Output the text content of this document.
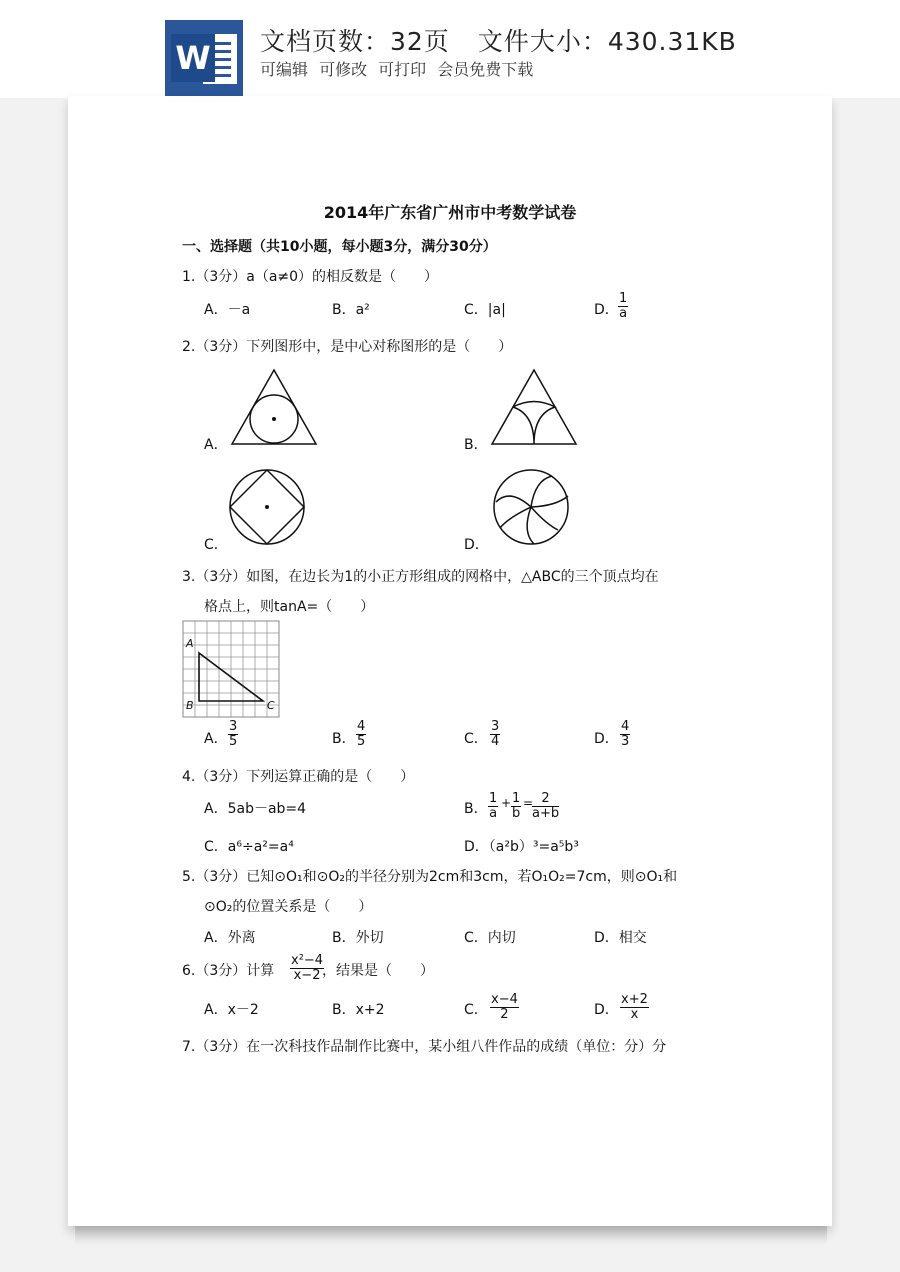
W 文档页数：32页 文件大小：430.31KB
可编辑 可修改 可打印 会员免费下载
2014年广东省广州市中考数学试卷
一、选择题（共10小题，每小题3分，满分30分）
1.（3分）a（a≠0）的相反数是（　　）
A．－a	B．a²	C．|a|	D． $\frac{1}{a}$
2.（3分）下列图形中，是中心对称图形的是（　　）
A．	B．
C．	D．
3.（3分）如图，在边长为1的小正方形组成的网格中，△ABC的三个顶点均在
格点上，则tanA=（　　）
A
B	C
A． $\frac{3}{5}$	B． $\frac{4}{5}$	C． $\frac{3}{4}$	D． $\frac{4}{3}$
4.（3分）下列运算正确的是（　　）
A．5ab－ab=4	B． $\frac{1}{a} + \frac{1}{b}$ =
$\frac{2}{a+b}$
C．a⁶÷a²=a⁴	D．（a²b）³=a⁵b³
5.（3分）已知⊙O₁和⊙O₂的半径分别为2cm和3cm，若O₁O₂=7cm，则⊙O₁和
⊙O₂的位置关系是（　　）
A．外离	B．外切	C．内切	D．相交
6.（3分）计算 $\frac{\text{x²−4}}{x-2}$
，结果是（　　）
A．x－2	B．x+2	C． $\frac{x-4}{2}$	D． $\frac{x+2}{x}$
7.（3分）在一次科技作品制作比赛中，某小组八件作品的成绩（单位：分）分
